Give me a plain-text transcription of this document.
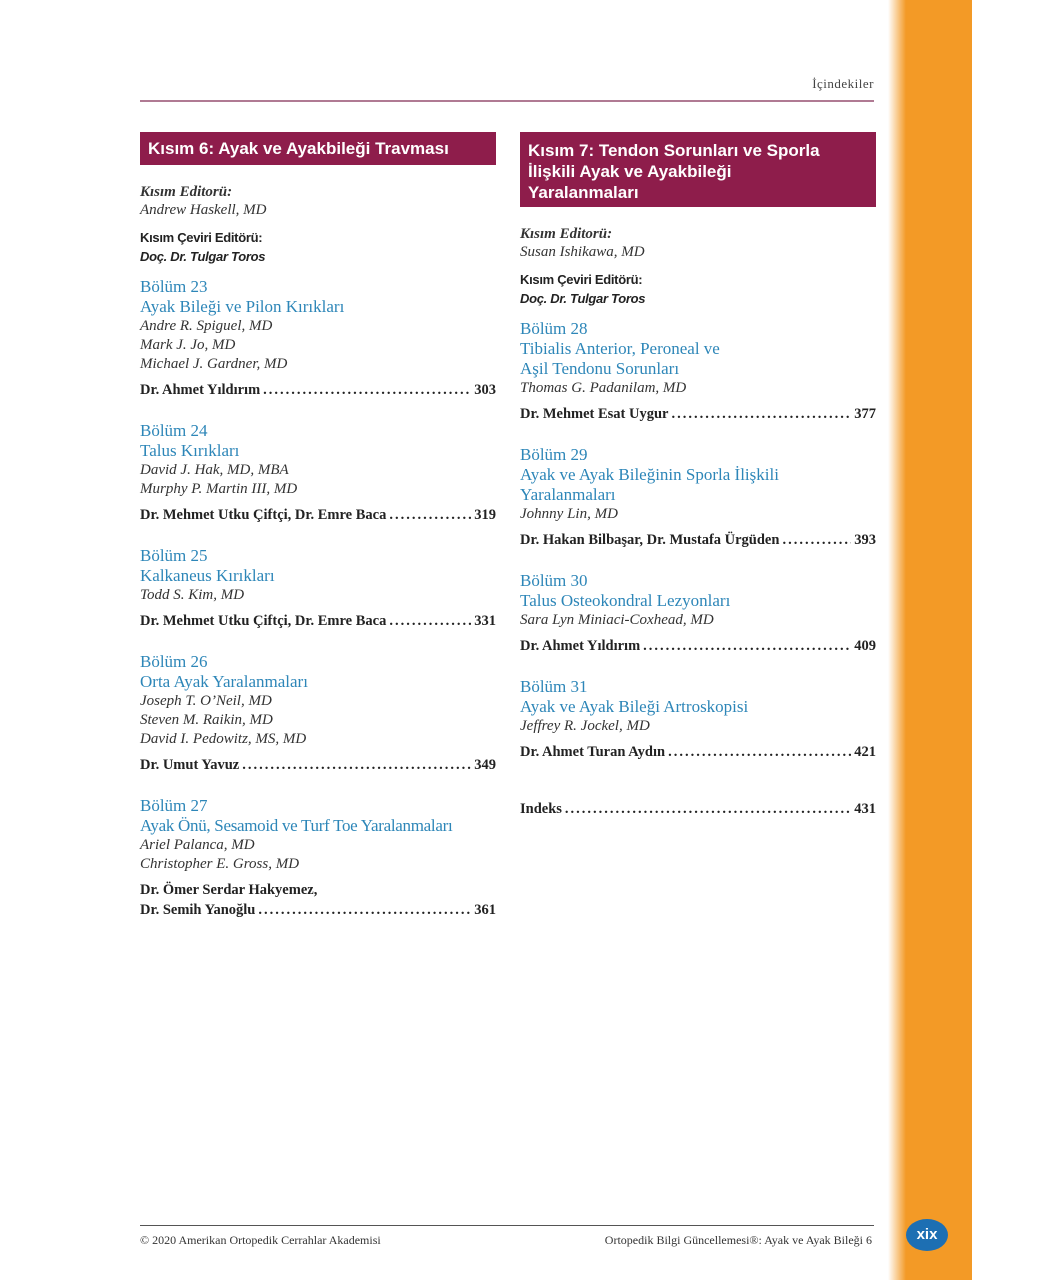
İçindekiler
Kısım 6: Ayak ve Ayakbileği Travması
Kısım Editorü:
Andrew Haskell, MD
Kısım Çeviri Editörü:
Doç. Dr. Tulgar Toros
Bölüm 23
Ayak Bileği ve Pilon Kırıkları
Andre R. Spiguel, MD
Mark J. Jo, MD
Michael J. Gardner, MD
Dr. Ahmet Yıldırım .....	303
Bölüm 24
Talus Kırıkları
David J. Hak, MD, MBA
Murphy P. Martin III, MD
Dr. Mehmet Utku Çiftçi, Dr. Emre Baca .....	319
Bölüm 25
Kalkaneus Kırıkları
Todd S. Kim, MD
Dr. Mehmet Utku Çiftçi, Dr. Emre Baca .....	331
Bölüm 26
Orta Ayak Yaralanmaları
Joseph T. O’Neil, MD
Steven M. Raikin, MD
David I. Pedowitz, MS, MD
Dr. Umut Yavuz .....	349
Bölüm 27
Ayak Önü, Sesamoid ve Turf Toe Yaralanmaları
Ariel Palanca, MD
Christopher E. Gross, MD
Dr. Ömer Serdar Hakyemez,
Dr. Semih Yanoğlu .....	361
Kısım 7: Tendon Sorunları ve Sporla
İlişkili Ayak ve Ayakbileği
Yaralanmaları
Kısım Editorü:
Susan Ishikawa, MD
Kısım Çeviri Editörü:
Doç. Dr. Tulgar Toros
Bölüm 28
Tibialis Anterior, Peroneal ve
Aşil Tendonu Sorunları
Thomas G. Padanilam, MD
Dr. Mehmet Esat Uygur .....	377
Bölüm 29
Ayak ve Ayak Bileğinin Sporla İlişkili
Yaralanmaları
Johnny Lin, MD
Dr. Hakan Bilbaşar, Dr. Mustafa Ürgüden .....	393
Bölüm 30
Talus Osteokondral Lezyonları
Sara Lyn Miniaci-Coxhead, MD
Dr. Ahmet Yıldırım .....	409
Bölüm 31
Ayak ve Ayak Bileği Artroskopisi
Jeffrey R. Jockel, MD
Dr. Ahmet Turan Aydın .....	421
Indeks .....	431
© 2020 Amerikan Ortopedik Cerrahlar Akademisi	Ortopedik Bilgi Güncellemesi®: Ayak ve Ayak Bileği 6	xix
